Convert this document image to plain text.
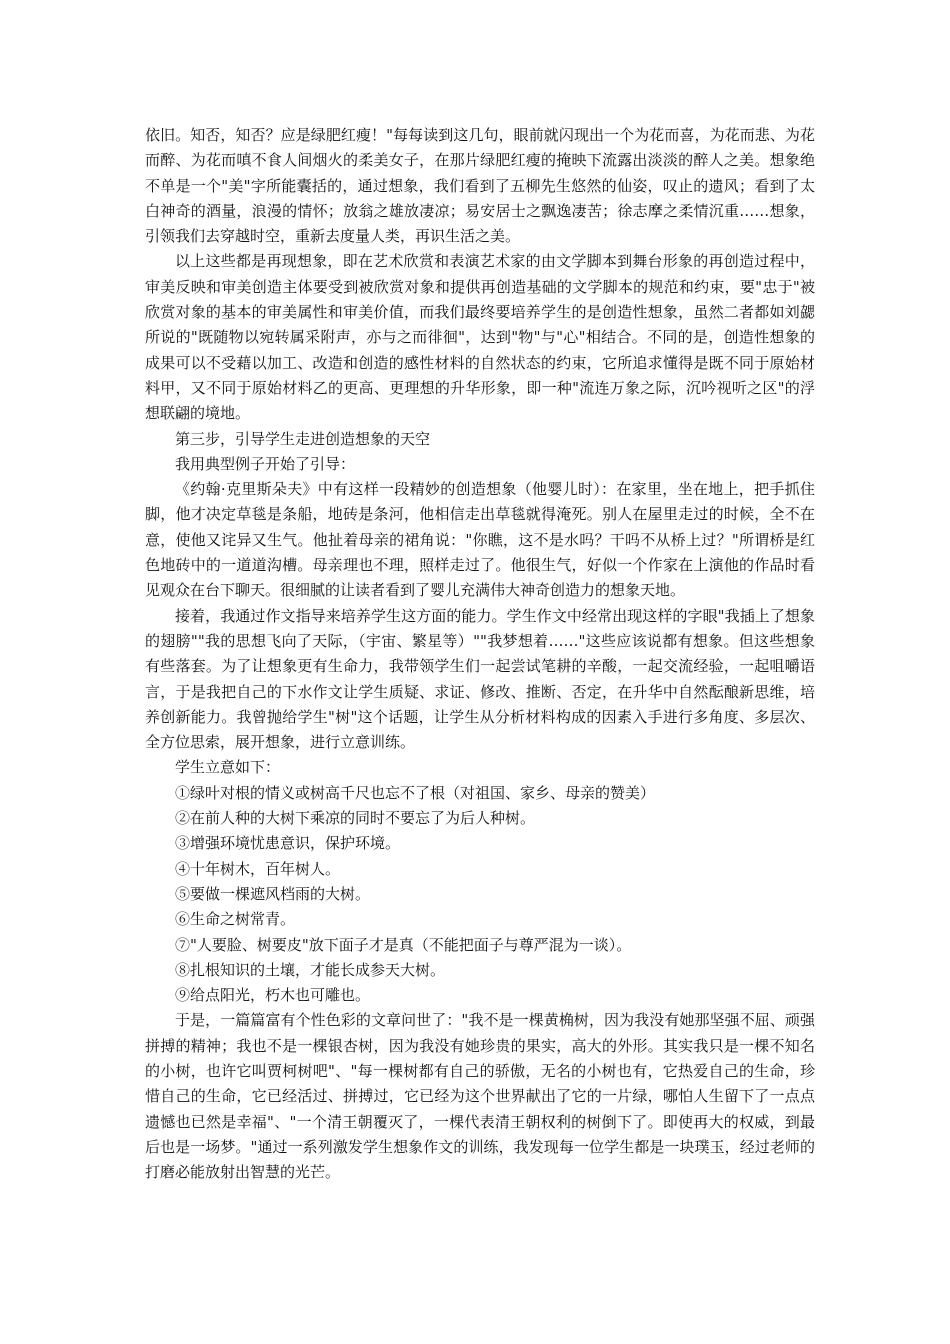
依旧。知否，知否？应是绿肥红瘦！"每每读到这几句，眼前就闪现出一个为花而喜，为花而悲、为花而醉、为花而嗔不食人间烟火的柔美女子，在那片绿肥红瘦的掩映下流露出淡淡的醉人之美。想象绝不单是一个"美"字所能囊括的，通过想象，我们看到了五柳先生悠然的仙姿，叹止的遗风；看到了太白神奇的酒量，浪漫的情怀；放翁之雄放凄凉；易安居士之飘逸凄苦；徐志摩之柔情沉重……想象，引领我们去穿越时空，重新去度量人类，再识生活之美。

以上这些都是再现想象，即在艺术欣赏和表演艺术家的由文学脚本到舞台形象的再创造过程中，审美反映和审美创造主体要受到被欣赏对象和提供再创造基础的文学脚本的规范和约束，要"忠于"被欣赏对象的基本的审美属性和审美价值，而我们最终要培养学生的是创造性想象，虽然二者都如刘勰所说的"既随物以宛转属采附声，亦与之而徘徊"，达到"物"与"心"相结合。不同的是，创造性想象的成果可以不受藉以加工、改造和创造的感性材料的自然状态的约束，它所追求懂得是既不同于原始材料甲，又不同于原始材料乙的更高、更理想的升华形象，即一种"流连万象之际，沉吟视听之区"的浮想联翩的境地。

第三步，引导学生走进创造想象的天空

我用典型例子开始了引导：

《约翰·克里斯朵夫》中有这样一段精妙的创造想象（他婴儿时）：在家里，坐在地上，把手抓住脚，他才决定草毯是条船，地砖是条河，他相信走出草毯就得淹死。别人在屋里走过的时候，全不在意，使他又诧异又生气。他扯着母亲的裙角说："你瞧，这不是水吗？干吗不从桥上过？"所谓桥是红色地砖中的一道道沟槽。母亲理也不理，照样走过了。他很生气，好似一个作家在上演他的作品时看见观众在台下聊天。很细腻的让读者看到了婴儿充满伟大神奇创造力的想象天地。

接着，我通过作文指导来培养学生这方面的能力。学生作文中经常出现这样的字眼"我插上了想象的翅膀""我的思想飞向了天际，（宇宙、繁星等）""我梦想着……"这些应该说都有想象。但这些想象有些落套。为了让想象更有生命力，我带领学生们一起尝试笔耕的辛酸，一起交流经验，一起咀嚼语言，于是我把自己的下水作文让学生质疑、求证、修改、推断、否定，在升华中自然酝酿新思维，培养创新能力。我曾抛给学生"树"这个话题，让学生从分析材料构成的因素入手进行多角度、多层次、全方位思索，展开想象，进行立意训练。

学生立意如下：

①绿叶对根的情义或树高千尺也忘不了根（对祖国、家乡、母亲的赞美）

②在前人种的大树下乘凉的同时不要忘了为后人种树。

③增强环境忧患意识，保护环境。

④十年树木，百年树人。

⑤要做一棵遮风档雨的大树。

⑥生命之树常青。

⑦"人要脸、树要皮"放下面子才是真（不能把面子与尊严混为一谈）。

⑧扎根知识的土壤，才能长成参天大树。

⑨给点阳光，朽木也可雕也。

于是，一篇篇富有个性色彩的文章问世了："我不是一棵黄桷树，因为我没有她那坚强不屈、顽强拼搏的精神；我也不是一棵银杏树，因为我没有她珍贵的果实，高大的外形。其实我只是一棵不知名的小树，也许它叫贾柯树吧"、"每一棵树都有自己的骄傲，无名的小树也有，它热爱自己的生命，珍惜自己的生命，它已经活过、拼搏过，它已经为这个世界献出了它的一片绿，哪怕人生留下了一点点遗憾也已然是幸福"、"一个清王朝覆灭了，一棵代表清王朝权利的树倒下了。即使再大的权威，到最后也是一场梦。"通过一系列激发学生想象作文的训练，我发现每一位学生都是一块璞玉，经过老师的打磨必能放射出智慧的光芒。
